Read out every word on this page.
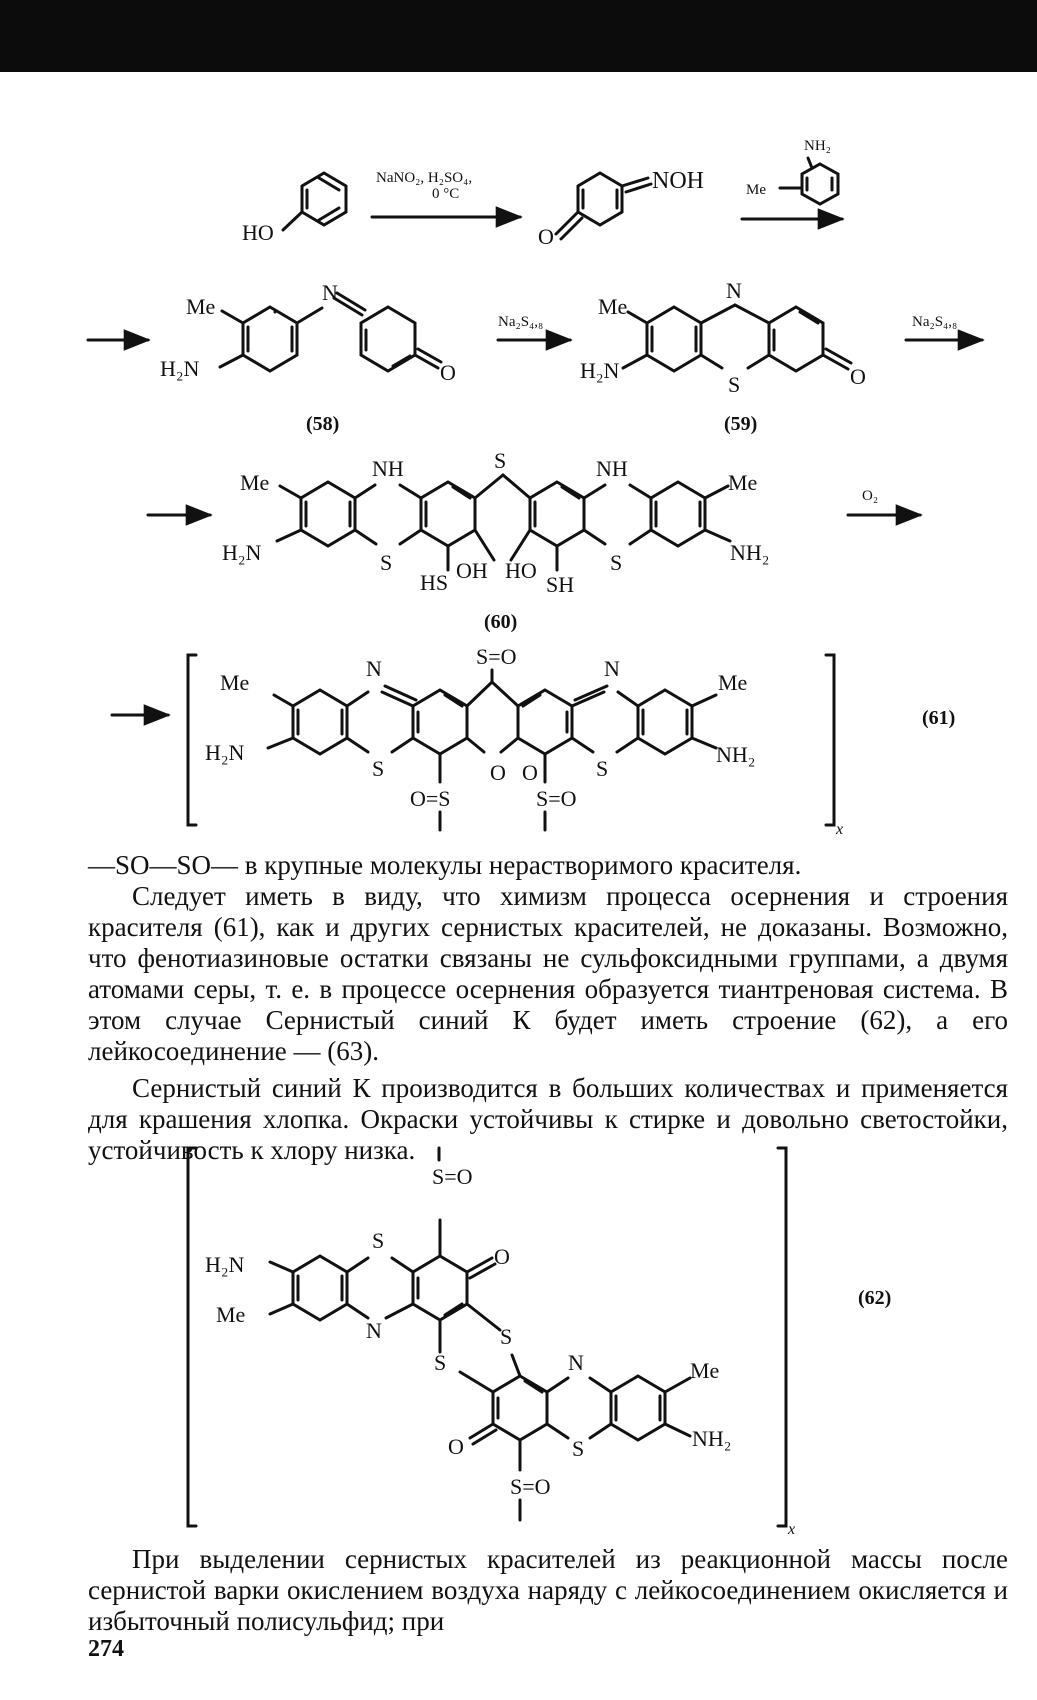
HO
NaNO₂, H₂SO₄,
0 °C	NOH
O
NH₂
Me
Me
H₂N
N
O
(58)
Na₂S₄,₈
Me
H₂N
N
S	O
(59)
Na₂S₄,₈
Me
H₂N
NH
S
S	NH
S
Me
NH₂
HS OH HO
SH
(60)
O₂
Me
H₂N
N
S
S=O	N
S
Me
NH₂
O O
O=S	S=O
x
(61)
S=O
H₂N
Me
S
O
N	S
S	N	Me
O	S	NH₂
S=O
x
(62)

—SO—SO— в крупные молекулы нерастворимого красителя.

Следует иметь в виду, что химизм процесса осернения и строения красителя (61), как и других сернистых красителей, не доказаны. Возможно, что фенотиазиновые остатки связаны не сульфоксидными группами, а двумя атомами серы, т. е. в процессе осернения образуется тиантреновая система. В этом случае Сернистый синий К будет иметь строение (62), а его лейкосоединение — (63).

Сернистый синий К производится в больших количествах и применяется для крашения хлопка. Окраски устойчивы к стирке и довольно светостойки, устойчивость к хлору низка.

При выделении сернистых красителей из реакционной массы после сернистой варки окислением воздуха наряду с лейкосоединением окисляется и избыточный полисульфид; при

274
